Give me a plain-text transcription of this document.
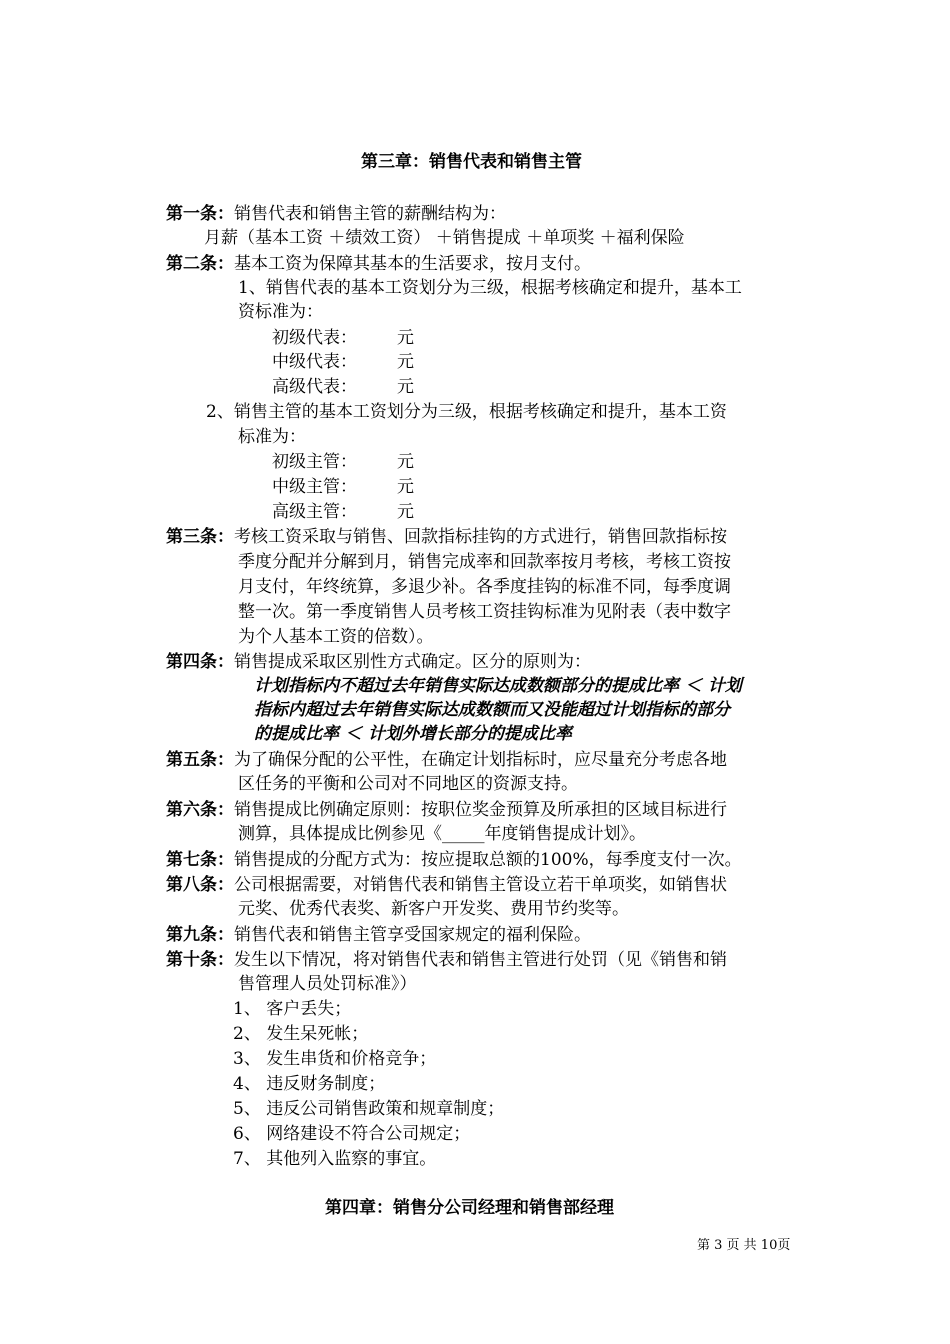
第三章：销售代表和销售主管
第一条：销售代表和销售主管的薪酬结构为：
月薪（基本工资 ＋绩效工资） ＋销售提成 ＋单项奖 ＋福利保险
第二条：基本工资为保障其基本的生活要求，按月支付。
1、销售代表的基本工资划分为三级，根据考核确定和提升，基本工
资标准为：
初级代表： 元
中级代表： 元
高级代表： 元
2、销售主管的基本工资划分为三级，根据考核确定和提升，基本工资
标准为：
初级主管： 元
中级主管： 元
高级主管： 元
第三条：考核工资采取与销售、回款指标挂钩的方式进行，销售回款指标按
季度分配并分解到月，销售完成率和回款率按月考核，考核工资按
月支付，年终统算，多退少补。各季度挂钩的标准不同，每季度调
整一次。第一季度销售人员考核工资挂钩标准为见附表（表中数字
为个人基本工资的倍数）。
第四条：销售提成采取区别性方式确定。区分的原则为：
计划指标内不超过去年销售实际达成数额部分的提成比率 ＜ 计划
指标内超过去年销售实际达成数额而又没能超过计划指标的部分
的提成比率 ＜ 计划外增长部分的提成比率
第五条：为了确保分配的公平性，在确定计划指标时，应尽量充分考虑各地
区任务的平衡和公司对不同地区的资源支持。
第六条：销售提成比例确定原则：按职位奖金预算及所承担的区域目标进行
测算，具体提成比例参见《_____年度销售提成计划》。
第七条：销售提成的分配方式为：按应提取总额的100%，每季度支付一次。
第八条：公司根据需要，对销售代表和销售主管设立若干单项奖，如销售状
元奖、优秀代表奖、新客户开发奖、费用节约奖等。
第九条：销售代表和销售主管享受国家规定的福利保险。
第十条：发生以下情况，将对销售代表和销售主管进行处罚（见《销售和销
售管理人员处罚标准》）
1、 客户丢失；
2、 发生呆死帐；
3、 发生串货和价格竞争；
4、 违反财务制度；
5、 违反公司销售政策和规章制度；
6、 网络建设不符合公司规定；
7、 其他列入监察的事宜。
第四章：销售分公司经理和销售部经理
第 3 页 共 10页
